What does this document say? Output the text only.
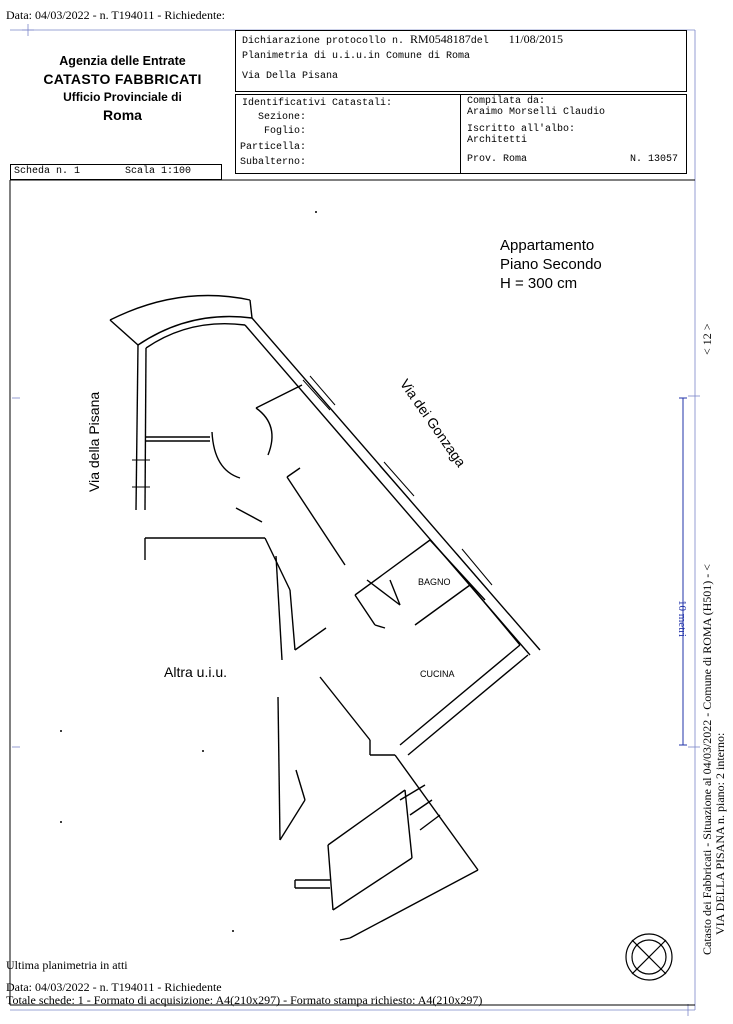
Data: 04/03/2022 - n. T194011 - Richiedente:
Agenzia delle Entrate
CATASTO FABBRICATI
Ufficio Provinciale di
Roma
Dichiarazione protocollo n. RM0548187del 11/08/2015
Planimetria di u.i.u.in Comune di Roma
Via Della Pisana
Identificativi Catastali:
Sezione:
Foglio:
Particella:
Subalterno:
Compilata da:
Araimo Morselli Claudio
Iscritto all'albo:
Architetti
Prov. Roma	N. 13057
Scheda n. 1	Scala 1:100
Appartamento
Piano Secondo
H = 300 cm
Via della Pisana	Via dei Gonzaga
BAGNO
CUCINA
Altra u.i.u.
10 metri Catasto dei Fabbricati - Situazione al 04/03/2022 - Comune di ROMA (H501) - < VIA DELLA PISANA n. piano: 2 interno:
< 12 >
Ultima planimetria in atti
Data: 04/03/2022 - n. T194011 - Richiedente
Totale schede: 1 - Formato di acquisizione: A4(210x297) - Formato stampa richiesto: A4(210x297)
